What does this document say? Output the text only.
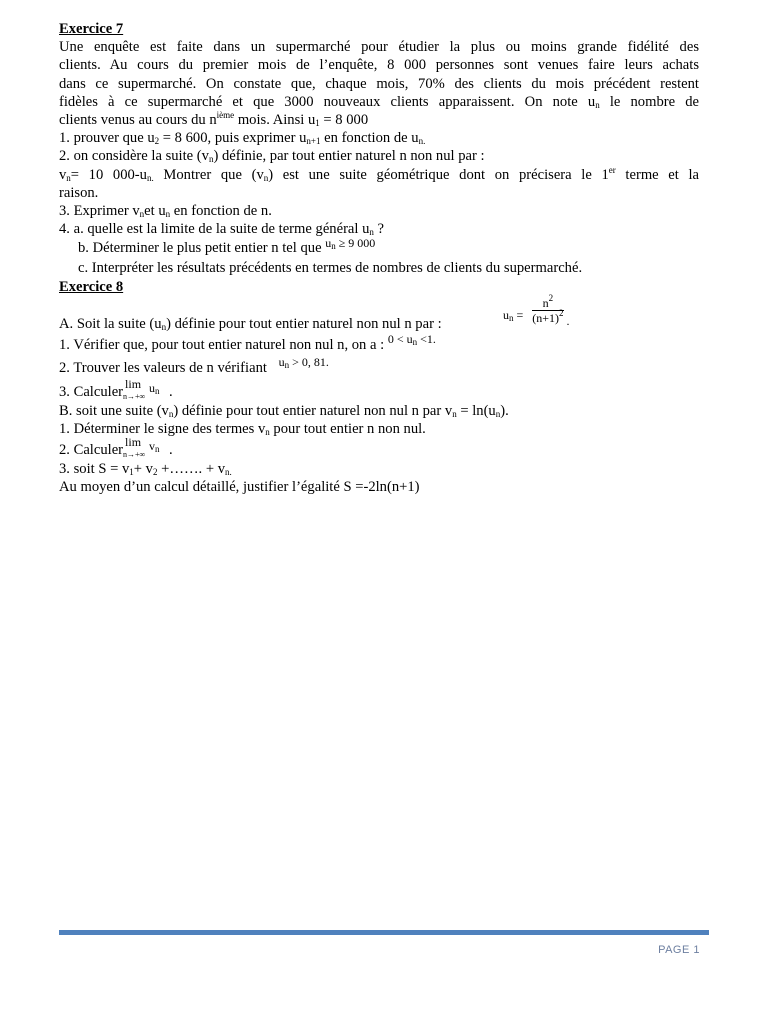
Exercice 7
Une enquête est faite dans un supermarché pour étudier la plus ou moins grande fidélité des
clients. Au cours du premier mois de l’enquête, 8 000 personnes sont venues faire leurs achats
dans ce supermarché. On constate que, chaque mois, 70% des clients du mois précédent restent
fidèles à ce supermarché et que 3000 nouveaux clients apparaissent. On note $u_n$ le nombre de
clients venus au cours du $n^{ième}$ mois. Ainsi $u_1 = 8$ 000
1. prouver que $u_2 = 8$ 600, puis exprimer $u_{n+1}$ en fonction de $u_{n.}$
2. on considère la suite $(v_n)$ définie, par tout entier naturel n non nul par :
$v_n= 10$ $000-u_{n.}$ Montrer que $(v_n)$ est une suite géométrique dont on précisera le 1er terme et la
raison.
3. Exprimer $v_net$ $u_n$ en fonction de n.
4. a. quelle est la limite de la suite de terme général $u_n$ ?
b. Déterminer le plus petit entier n tel que $u_n \ge 9$ 000
c. Interpréter les résultats précédents en termes de nombres de clients du supermarché.
Exercice 8
A. Soit la suite $(u_n)$ définie pour tout entier naturel non nul n par :
$u_n = \frac{n^2}{(n+1)^2}$ .
1. Vérifier que, pour tout entier naturel non nul n, on a : $0 < u_n <1$.
2. Trouver les valeurs de n vérifiant $u_n > 0$, 81.
3. Calculer lim
n→+∞
$u_n$ .
B. soit une suite $(v_n)$ définie pour tout entier naturel non nul n par $v_n = \ln(u_n)$.
1. Déterminer le signe des termes $v_n$ pour tout entier n non nul.
2. Calculer lim
n→+∞
$v_n$ .
3. soit $S = v_1+ v_2$ +……. + $v_{n.}$
Au moyen d’un calcul détaillé, justifier l’égalité S =-2ln(n+1)
PAGE 1
